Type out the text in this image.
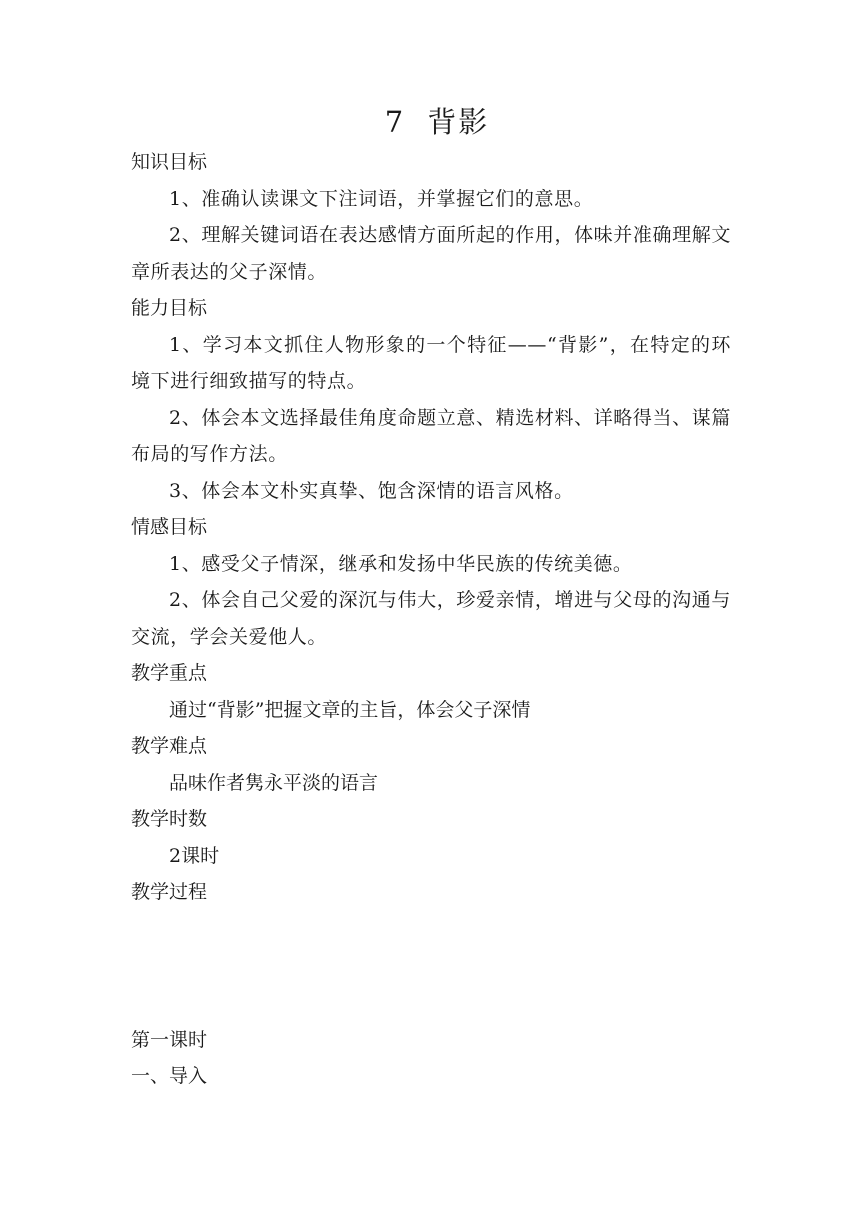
7 背影

知识目标

1、准确认读课文下注词语，并掌握它们的意思。

2、理解关键词语在表达感情方面所起的作用，体味并准确理解文章所表达的父子深情。

能力目标

1、学习本文抓住人物形象的一个特征——“背影”，在特定的环境下进行细致描写的特点。

2、体会本文选择最佳角度命题立意、精选材料、详略得当、谋篇布局的写作方法。

3、体会本文朴实真挚、饱含深情的语言风格。

情感目标

1、感受父子情深，继承和发扬中华民族的传统美德。

2、体会自己父爱的深沉与伟大，珍爱亲情，增进与父母的沟通与交流，学会关爱他人。

教学重点

通过“背影”把握文章的主旨，体会父子深情

教学难点

品味作者隽永平淡的语言

教学时数

2课时

教学过程

第一课时

一、导入
